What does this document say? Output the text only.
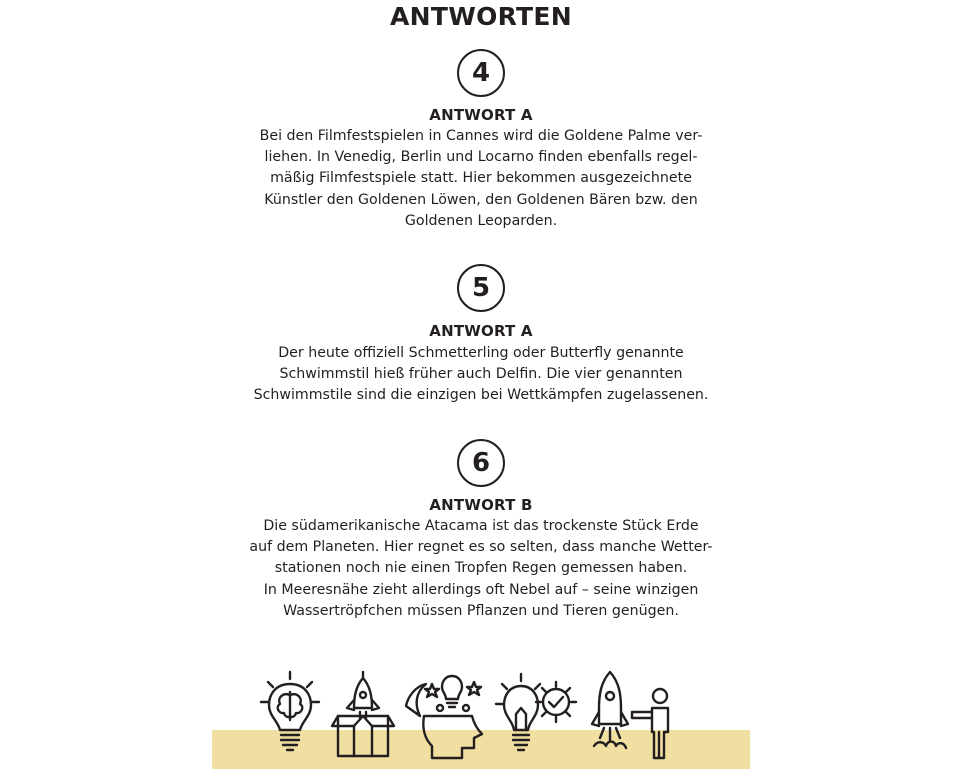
ANTWORTEN
4
ANTWORT A
Bei den Filmfestspielen in Cannes wird die Goldene Palme ver-
liehen. In Venedig, Berlin und Locarno finden ebenfalls regel-
mäßig Filmfestspiele statt. Hier bekommen ausgezeichnete
Künstler den Goldenen Löwen, den Goldenen Bären bzw. den
Goldenen Leoparden.
5
ANTWORT A
Der heute offiziell Schmetterling oder Butterfly genannte
Schwimmstil hieß früher auch Delfin. Die vier genannten
Schwimmstile sind die einzigen bei Wettkämpfen zugelassenen.
6
ANTWORT B
Die südamerikanische Atacama ist das trockenste Stück Erde
auf dem Planeten. Hier regnet es so selten, dass manche Wetter-
stationen noch nie einen Tropfen Regen gemessen haben.
In Meeresnähe zieht allerdings oft Nebel auf – seine winzigen
Wassertröpfchen müssen Pflanzen und Tieren genügen.
